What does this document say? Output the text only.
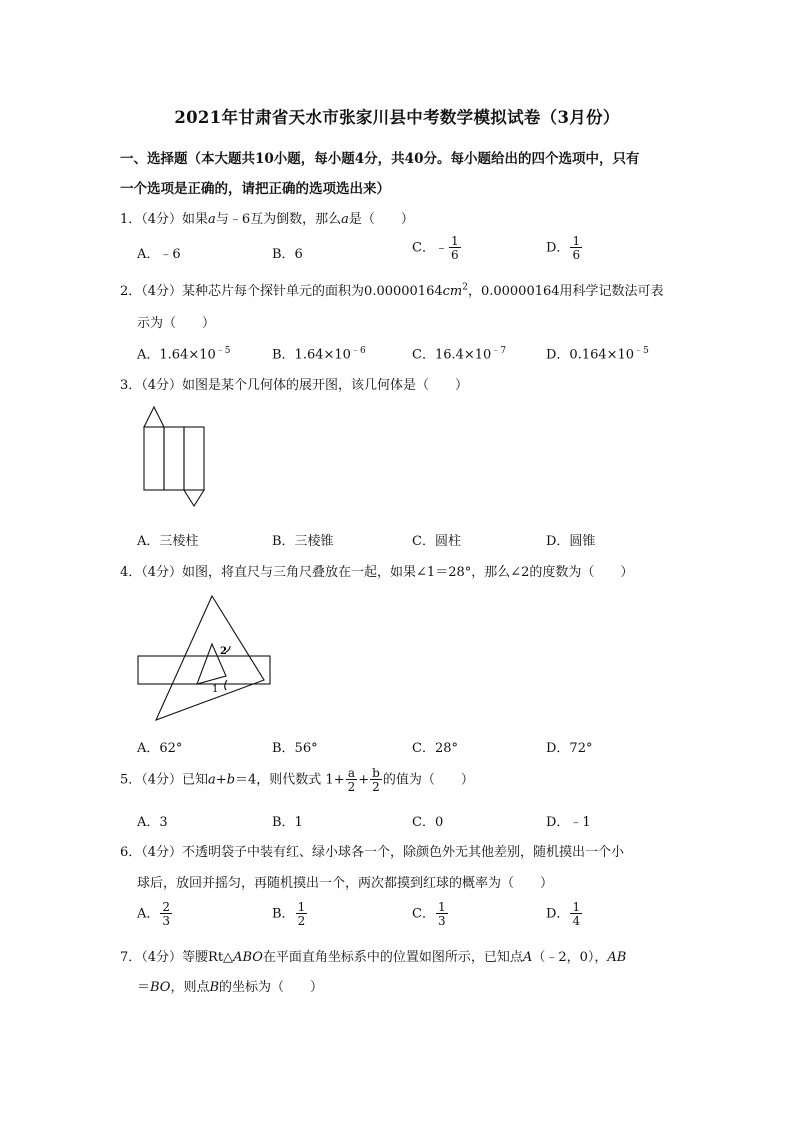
2021年甘肃省天水市张家川县中考数学模拟试卷（3月份）
一、选择题（本大题共10小题，每小题4分，共40分。每小题给出的四个选项中，只有
一个选项是正确的，请把正确的选项选出来）
1．（4分）如果a与﹣6互为倒数，那么a是（　　）
A．﹣6	B．6	C．﹣ $\frac{1}{6}$	D． $\frac{1}{6}$
2．（4分）某种芯片每个探针单元的面积为$0.00000164cm^2$，0.00000164用科学记数法可表
示为（　　）
A．$1.64\times 10^{﹣5}$	B．$1.64\times 10^{﹣6}$	C．$16.4\times 10^{﹣7}$	D．$0.164\times 10^{﹣5}$
3．（4分）如图是某个几何体的展开图，该几何体是（　　）
A．三棱柱	B．三棱锥	C．圆柱	D．圆锥
4．（4分）如图，将直尺与三角尺叠放在一起，如果∠1＝28°，那么∠2的度数为（　　）
1
2
A．62°	B．56°	C．28°	D．72°
5．（4分）已知a+b＝4，则代数式 $1+ \frac{a}{2} + \frac{b}{2}$ 的值为（　　）
A．3	B．1	C．0	D．﹣1
6．（4分）不透明袋子中装有红、绿小球各一个，除颜色外无其他差别，随机摸出一个小
球后，放回并摇匀，再随机摸出一个，两次都摸到红球的概率为（　　）
A． $\frac{2}{3}$	B． $\frac{1}{2}$	C． $\frac{1}{3}$	D． $\frac{1}{4}$
7．（4分）等腰Rt△ABO在平面直角坐标系中的位置如图所示，已知点A（﹣2，0），AB
＝BO，则点B的坐标为（　　）
